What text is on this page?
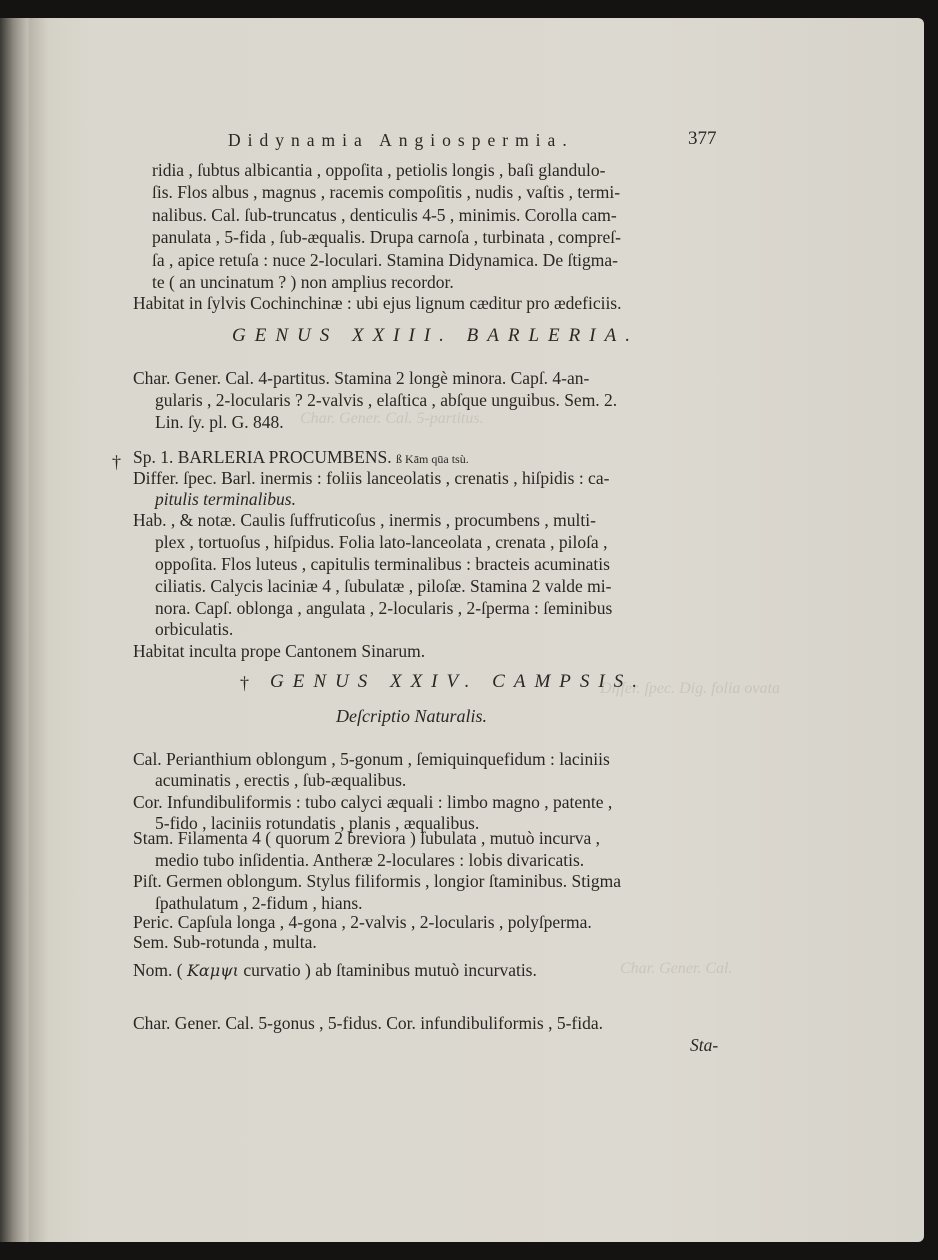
Char. Gener. Cal. 5-partitus.
Differ. ſpec. Dig. folia ovata
Char. Gener. Cal.
Didynamia Angiospermia.	377
ridia , ſubtus albicantia , oppoſita , petiolis longis , baſi glandulo-
ſis. Flos albus , magnus , racemis compoſitis , nudis , vaſtis , termi-
nalibus. Cal. ſub-truncatus , denticulis 4-5 , minimis. Corolla cam-
panulata , 5-fida , ſub-æqualis. Drupa carnoſa , turbinata , compreſ-
ſa , apice retuſa : nuce 2-loculari. Stamina Didynamica. De ſtigma-
te ( an uncinatum ? ) non amplius recordor.
Habitat in ſylvis Cochinchinæ : ubi ejus lignum cæditur pro ædeficiis.
GENUS XXIII. BARLERIA.
Char. Gener. Cal. 4-partitus. Stamina 2 longè minora. Capſ. 4-an-
gularis , 2-locularis ? 2-valvis , elaſtica , abſque unguibus. Sem. 2.
Lin. ſy. pl. G. 848.
† Sp. 1. BARLERIA PROCUMBENS. ß Kām qūa tsù.
Differ. ſpec. Barl. inermis : foliis lanceolatis , crenatis , hiſpidis : ca-
pitulis terminalibus.
Hab. , & notæ. Caulis ſuffruticoſus , inermis , procumbens , multi-
plex , tortuoſus , hiſpidus. Folia lato-lanceolata , crenata , piloſa ,
oppoſita. Flos luteus , capitulis terminalibus : bracteis acuminatis
ciliatis. Calycis laciniæ 4 , ſubulatæ , piloſæ. Stamina 2 valde mi-
nora. Capſ. oblonga , angulata , 2-locularis , 2-ſperma : ſeminibus
orbiculatis.
Habitat inculta prope Cantonem Sinarum.
† GENUS XXIV. CAMPSIS.
Deſcriptio Naturalis.
Cal. Perianthium oblongum , 5-gonum , ſemiquinquefidum : laciniis
acuminatis , erectis , ſub-æqualibus.
Cor. Infundibuliformis : tubo calyci æquali : limbo magno , patente ,
5-fido , laciniis rotundatis , planis , æqualibus.
Stam. Filamenta 4 ( quorum 2 breviora ) ſubulata , mutuò incurva ,
medio tubo inſidentia. Antheræ 2-loculares : lobis divaricatis.
Piſt. Germen oblongum. Stylus filiformis , longior ſtaminibus. Stigma
ſpathulatum , 2-fidum , hians.
Peric. Capſula longa , 4-gona , 2-valvis , 2-locularis , polyſperma.
Sem. Sub-rotunda , multa.
Nom. ( Καμψι curvatio ) ab ſtaminibus mutuò incurvatis.
Char. Gener. Cal. 5-gonus , 5-fidus. Cor. infundibuliformis , 5-fida.
Sta-
